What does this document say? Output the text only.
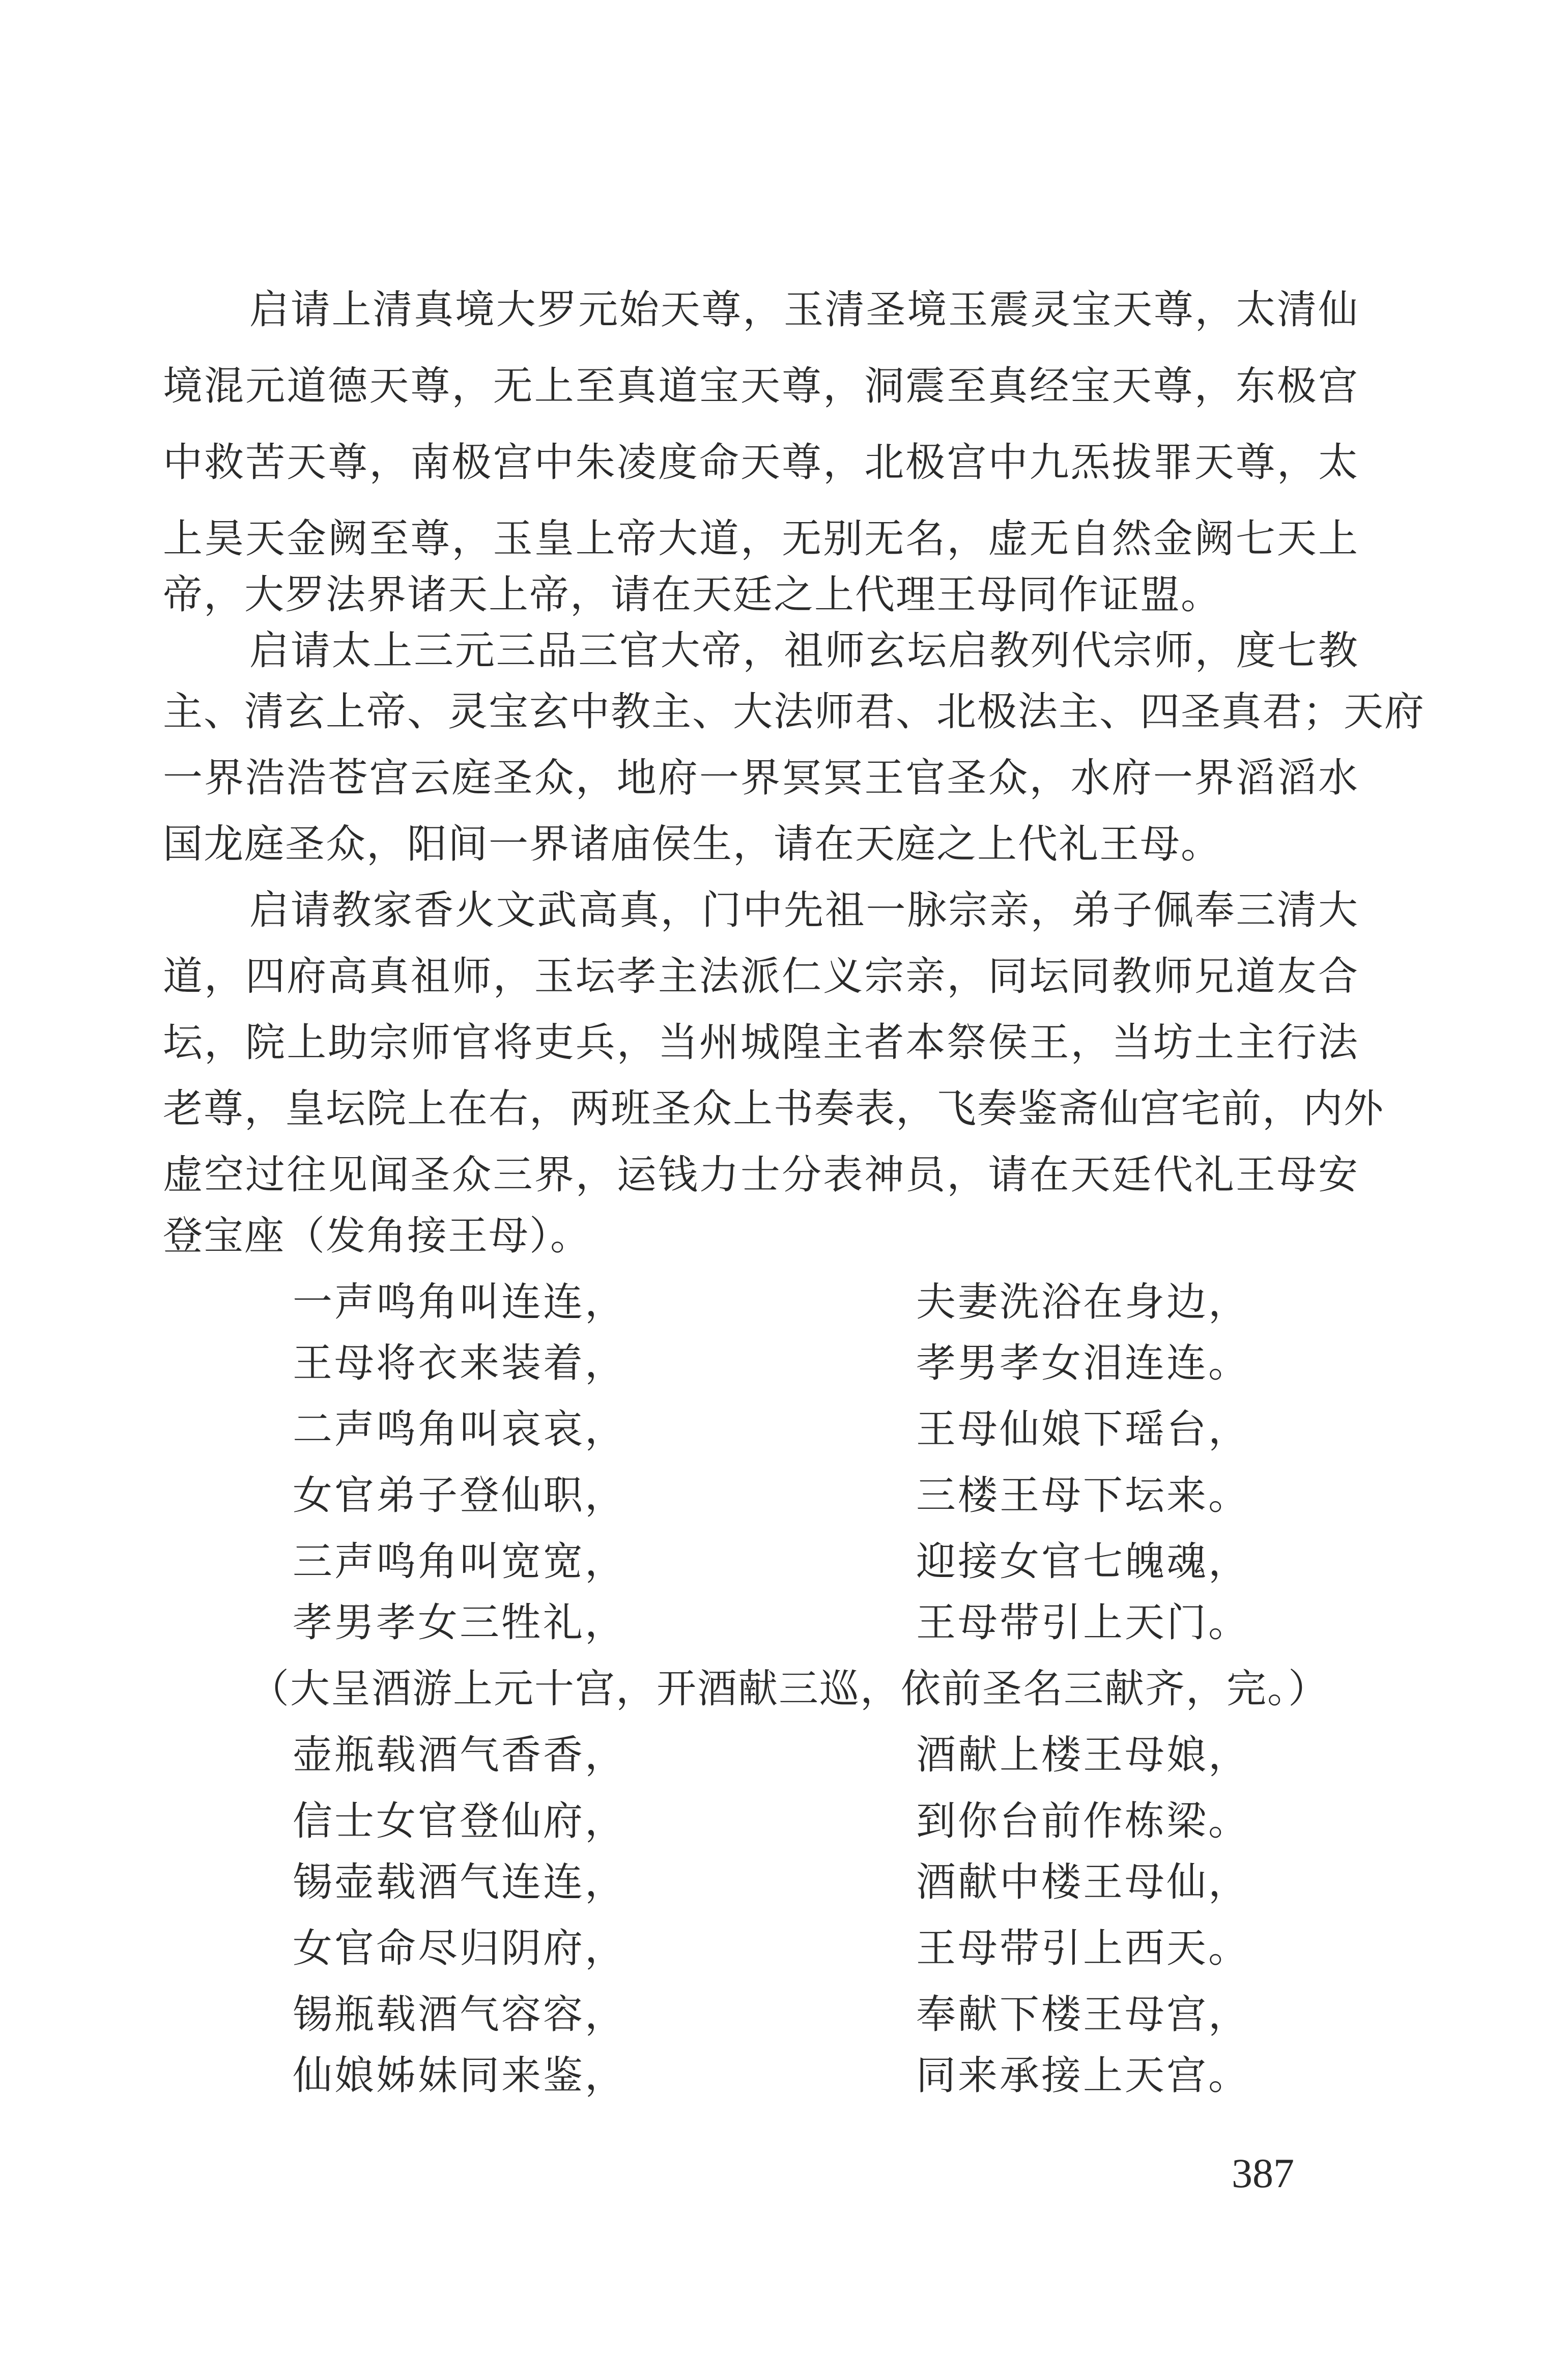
启请上清真境大罗元始天尊，玉清圣境玉震灵宝天尊，太清仙
境混元道德天尊，无上至真道宝天尊，洞震至真经宝天尊，东极宫
中救苦天尊，南极宫中朱凌度命天尊，北极宫中九炁拔罪天尊，太
上昊天金阙至尊，玉皇上帝大道，无别无名，虚无自然金阙七天上
帝，大罗法界诸天上帝，请在天廷之上代理王母同作证盟。
启请太上三元三品三官大帝，祖师玄坛启教列代宗师，度七教
主、清玄上帝、灵宝玄中教主、大法师君、北极法主、四圣真君；天府
一界浩浩苍宫云庭圣众，地府一界冥冥王官圣众，水府一界滔滔水
国龙庭圣众，阳间一界诸庙侯生，请在天庭之上代礼王母。
启请教家香火文武高真，门中先祖一脉宗亲，弟子佩奉三清大
道，四府高真祖师，玉坛孝主法派仁义宗亲，同坛同教师兄道友合
坛，院上助宗师官将吏兵，当州城隍主者本祭侯王，当坊土主行法
老尊，皇坛院上在右，两班圣众上书奏表，飞奏鉴斋仙宫宅前，内外
虚空过往见闻圣众三界，运钱力士分表神员，请在天廷代礼王母安
登宝座（发角接王母）。
一声鸣角叫连连，	夫妻洗浴在身边，
王母将衣来装着，	孝男孝女泪连连。
二声鸣角叫哀哀，	王母仙娘下瑶台，
女官弟子登仙职，	三楼王母下坛来。
三声鸣角叫宽宽，	迎接女官七魄魂，
孝男孝女三牲礼，	王母带引上天门。
（大呈酒游上元十宫，开酒献三巡，依前圣名三献齐，完。）
壶瓶载酒气香香，	酒献上楼王母娘，
信士女官登仙府，	到你台前作栋梁。
锡壶载酒气连连，	酒献中楼王母仙，
女官命尽归阴府，	王母带引上西天。
锡瓶载酒气容容，	奉献下楼王母宫，
仙娘姊妹同来鉴，	同来承接上天宫。
387
